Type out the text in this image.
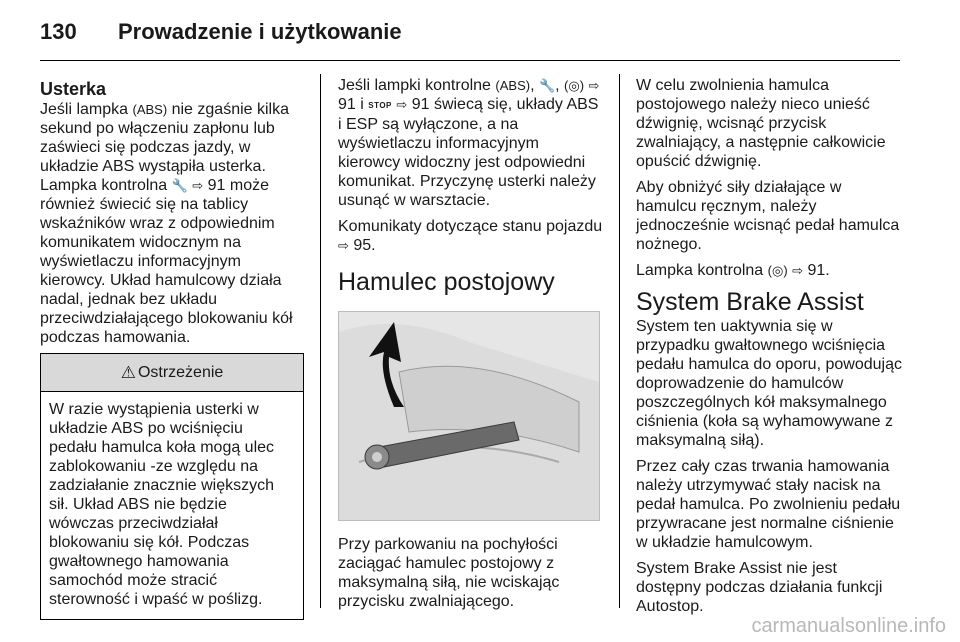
130	Prowadzenie i użytkowanie
Usterka
Jeśli lampka (ABS) nie zgaśnie kilka sekund po włączeniu zapłonu lub zaświeci się podczas jazdy, w układzie ABS wystąpiła usterka. Lampka kontrolna 🔧 ⇨ 91 może również świecić się na tablicy wskaźników wraz z odpowiednim komunikatem widocznym na wyświetlaczu informacyjnym kierowcy. Układ hamulcowy działa nadal, jednak bez układu przeciwdziałającego blokowaniu kół podczas hamowania.
⚠ Ostrzeżenie
W razie wystąpienia usterki w układzie ABS po wciśnięciu pedału hamulca koła mogą ulec zablokowaniu -ze względu na zadziałanie znacznie większych sił. Układ ABS nie będzie wówczas przeciwdziałał blokowaniu się kół. Podczas gwałtownego hamowania samochód może stracić sterowność i wpaść w poślizg.
Jeśli lampki kontrolne (ABS), 🔧, (◎) ⇨ 91 i STOP ⇨ 91 świecą się, układy ABS i ESP są wyłączone, a na wyświetlaczu informacyjnym kierowcy widoczny jest odpowiedni komunikat. Przyczynę usterki należy usunąć w warsztacie.
Komunikaty dotyczące stanu pojazdu ⇨ 95.
Hamulec postojowy
Przy parkowaniu na pochyłości zaciągać hamulec postojowy z maksymalną siłą, nie wciskając przycisku zwalniającego.
W celu zwolnienia hamulca postojowego należy nieco unieść dźwignię, wcisnąć przycisk zwalniający, a następnie całkowicie opuścić dźwignię.
Aby obniżyć siły działające w hamulcu ręcznym, należy jednocześnie wcisnąć pedał hamulca nożnego.
Lampka kontrolna (◎) ⇨ 91.
System Brake Assist
System ten uaktywnia się w przypadku gwałtownego wciśnięcia pedału hamulca do oporu, powodując doprowadzenie do hamulców poszczególnych kół maksymalnego ciśnienia (koła są wyhamowywane z maksymalną siłą).
Przez cały czas trwania hamowania należy utrzymywać stały nacisk na pedał hamulca. Po zwolnieniu pedału przywracane jest normalne ciśnienie w układzie hamulcowym.
System Brake Assist nie jest dostępny podczas działania funkcji Autostop.
carmanualsonline.info
